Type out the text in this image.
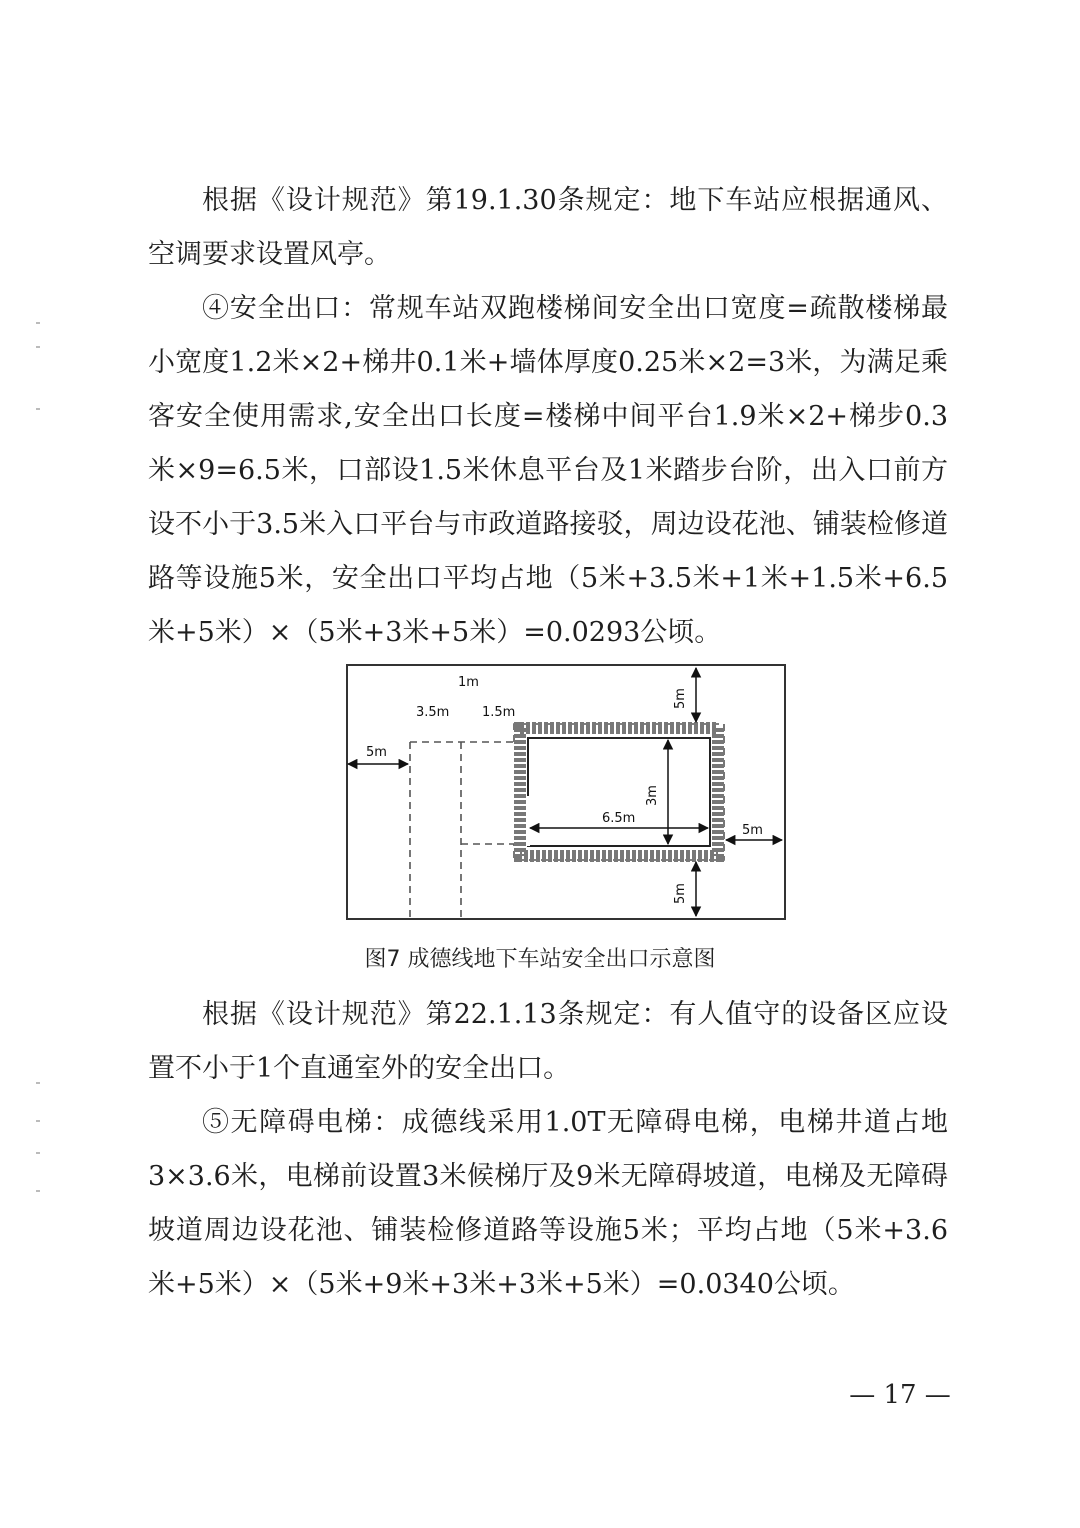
根据《设计规范》第19.1.30条规定：地下车站应根据通风、空调要求设置风亭。

④安全出口：常规车站双跑楼梯间安全出口宽度=疏散楼梯最小宽度1.2米×2+梯井0.1米+墙体厚度0.25米×2=3米，为满足乘客安全使用需求,安全出口长度=楼梯中间平台1.9米×2+梯步0.3米×9=6.5米，口部设1.5米休息平台及1米踏步台阶，出入口前方设不小于3.5米入口平台与市政道路接驳，周边设花池、铺装检修道路等设施5米，安全出口平均占地（5米+3.5米+1米+1.5米+6.5米+5米）×（5米+3米+5米）=0.0293公顷。

5m
5m
5m
5m
3m
6.5m
1m
3.5m	1.5m
图7 成德线地下车站安全出口示意图

根据《设计规范》第22.1.13条规定：有人值守的设备区应设置不小于1个直通室外的安全出口。

⑤无障碍电梯：成德线采用1.0T无障碍电梯，电梯井道占地3×3.6米，电梯前设置3米候梯厅及9米无障碍坡道，电梯及无障碍坡道周边设花池、铺装检修道路等设施5米；平均占地（5米+3.6米+5米）×（5米+9米+3米+3米+5米）=0.0340公顷。

— 17 —
